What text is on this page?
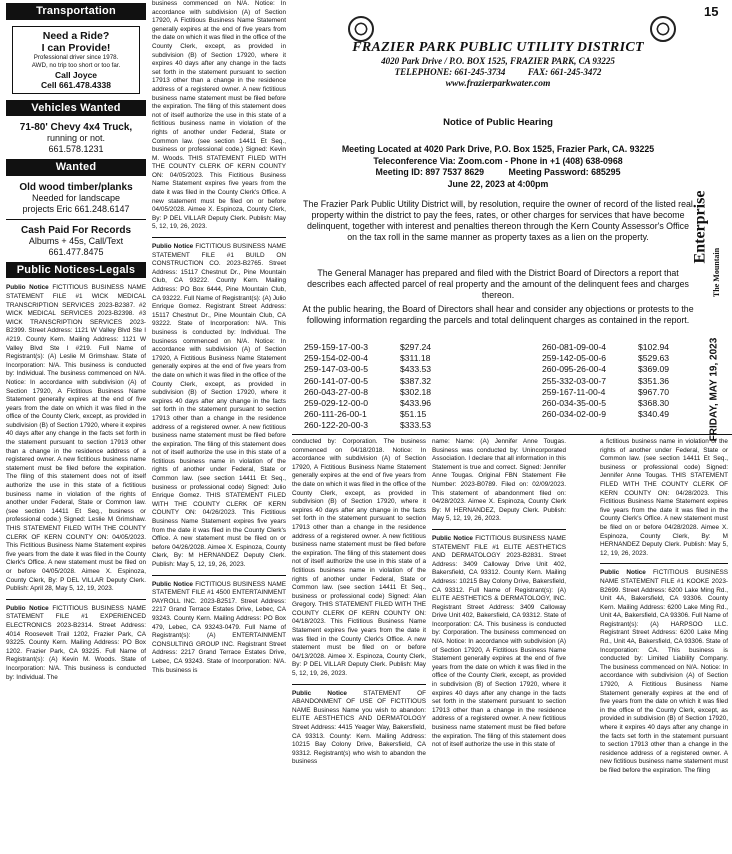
Transportation
Need a Ride?
I can Provide!
Professional driver since 1978.
AWD, no trip too short or too far.
Call Joyce
Cell 661.478.4338
Vehicles Wanted
71-80' Chevy 4x4 Truck,
running or not.
661.578.1231
Wanted
Old wood timber/planks
Needed for landscape
projects Eric 661.248.6147
Cash Paid For Records
Albums + 45s, Call/Text
661.477.8475
Public Notices-Legals
Publio Notice FICTITIOUS BUSINESS NAME STATEMENT FILE #1 WICK MEDICAL TRANSCRIPTION SERVICES 2023-B2387. #2 WICK MEDICAL SERVICES 2023-B2398. #3 WICK TRANSCRIPTION SERVICES 2023-B2399. Street Address: 1121 W Valley Blvd Ste I #219. County Kern. Mailing Address: 1121 W Valley Blvd Ste I #219. Full Name of Registrant(s): (A) Leslie M Grimshaw. State of Incorporation: N/A. This business is conducted by: Individual. The business commenced on N/A. Notice: In accordance with subdivision (A) of Section 17920, A Fictitious Business Name Statement generally expires at the end of five years from the date on which it was filed in the office of the County Clerk, except, as provided in subdivision (B) of Section 17920, where it expires 40 days after any change in the facts set forth in the statement pursuant to section 17913 other than a change in the residence address of a registered owner. A new fictitious business name statement must be filed before the expiration. The filing of this statement does not of itself authorize the use in this state of a fictitious business name in violation of the rights of another under Federal, State or Common law. (see section 14411 Et Seq., business or professional code.) Signed: Leslie M Grimshaw. THIS STATEMENT FILED WITH THE COUNTY CLERK OF KERN COUNTY ON: 04/05/2023. This Fictitious Business Name Statement expires five years from the date it was filed in the County Clerk's Office. A new statement must be filed on or before 04/05/2028. Aimee X. Espinoza, County Clerk, By: P DEL VILLAR Deputy Clerk. Publish: April 28, May 5, 12, 19, 2023.
Publio Notice FICTITIOUS BUSINESS NAME STATEMENT FILE #1 EXPERIENCED ELECTRONICS 2023-B2314. Street Address: 4014 Roosevelt Trail 1202, Frazier Park, CA 93225. County Kern. Mailing Address: PO Box 1202. Frazier Park, CA 93225. Full Name of Registrant(s): (A) Kevin M. Woods. State of Incorporation: N/A. This business is conducted by: Individual. The
business commenced on N/A. Notice: In accordance with subdivision (A) of Section 17920, A Fictitious Business Name Statement generally expires at the end of five years from the date on which it was filed in the office of the County Clerk, except, as provided in subdivision (B) of Section 17920, where it expires 40 days after any change in the facts set forth in the statement pursuant to section 17913 other than a change in the residence address of a registered owner. A new fictitious business name statement must be filed before the expiration. The filing of this statement does not of itself authorize the use in this state of a fictitious business name in violation of the rights of another under Federal, State or Common law. (see section 14411 Et Seq., business or professional code.) Signed: Kevin M. Woods. THIS STATEMENT FILED WITH THE COUNTY CLERK OF KERN COUNTY ON: 04/05/2023. This Fictitious Business Name Statement expires five years from the date it was filed in the County Clerk's Office. A new statement must be filed on or before 04/05/2028. Aimee X. Espinoza, County Clerk, By: P DEL VILLAR Deputy Clerk. Publish: May 5, 12, 19, 26, 2023.
Publio Notice FICTITIOUS BUSINESS NAME STATEMENT FILE #1 BUILD ON CONSTRUCTION CO. 2023-B2765. Street Address: 15117 Chestnut Dr., Pine Mountain Club, CA 93222. County Kern. Mailing Address: PO Box 6444, Pine Mountain Club, CA 93222. Full Name of Registrant(s): (A) Julio Enrique Gomez. Registrant Street Address: 15117 Chestnut Dr., Pine Mountain Club, CA 93222. State of Incorporation: N/A. This business is conducted by: Individual. The business commenced on N/A. Notice: In accordance with subdivision (A) of Section 17920, A Fictitious Business Name Statement generally expires at the end of five years from the date on which it was filed in the office of the County Clerk, except, as provided in subdivision (B) of Section 17920, where it expires 40 days after any change in the facts set forth in the statement pursuant to section 17913 other than a change in the residence address of a registered owner. A new fictitious business name statement must be filed before the expiration. The filing of this statement does not of itself authorize the use in this state of a fictitious business name in violation of the rights of another under Federal, State or Common law. (see section 14411 Et Seq., business or professional code) Signed: Julio Enrique Gomez. THIS STATEMENT FILED WITH THE COUNTY CLERK OF KERN COUNTY ON: 04/26/2023. This Fictitious Business Name Statement expires five years from the date it was filed in the County Clerk's Office. A new statement must be filed on or before 04/26/2028. Aimee X. Espinoza, County Clerk, By: M HERNANDEZ Deputy Clerk. Publish: May 5, 12, 19, 26, 2023.
Public Notice FICTITIOUS BUSINESS NAME STATEMENT FILE #1 4500 ENTERTAINMENT PAYROLL INC. 2023-B2517. Street Address: 2217 Grand Terrace Estates Drive, Lebec, CA 93243. County Kern. Mailing Address: PO Box 479, Lebec, CA 93243-0479. Full Name of Registrant(s): (A) ENTERTAINMENT CONSULTING GROUP INC. Registrant Street Address: 2217 Grand Terrace Estates Drive, Lebec, CA 93243. State of Incorporation: N/A. This business is
FRAZIER PARK PUBLIC UTILITY DISTRICT
4020 Park Drive / P.O. BOX 1525, FRAZIER PARK, CA 93225
TELEPHONE: 661-245-3734          FAX: 661-245-3472
www.frazierparkwater.com
Notice of Public Hearing
Meeting Located at 4020 Park Drive, P.O. Box 1525, Frazier Park, CA. 93225
Teleconference Via: Zoom.com - Phone in +1 (408) 638-0968
Meeting ID: 897 7537 8629          Meeting Password: 685295
June 22, 2023 at 4:00pm
The Frazier Park Public Utility District will, by resolution, require the owner of record of the listed real property within the district to pay the fees, rates, or other charges for services that have become delinquent, together with interest and penalties thereon through the Kern County Assessor's Office on the tax roll in the same manner as property taxes as a lien on the property.
The General Manager has prepared and filed with the District Board of Directors a report that describes each affected parcel of real property and the amount of the delinquent fees and charges thereon.
At the public hearing, the Board of Directors shall hear and consider any objections or protests to the following information regarding the parcels and total delinquent charges as contained in the report.
259-159-17-00-3	$297.24
259-154-02-00-4	$311.18
259-147-03-00-5	$433.53
260-141-07-00-5	$387.32
260-043-27-00-8	$302.18
259-029-12-00-0	$433.96
260-111-26-00-1	$51.15
260-122-20-00-3	$333.53
260-081-09-00-4	$102.94
259-142-05-00-6	$529.63
260-095-26-00-4	$369.09
255-332-03-00-7	$351.36
259-167-11-00-4	$967.70
260-034-35-00-5	$368.30
260-034-02-00-9	$340.49
15
The Mountain
Enterprise
FRIDAY, MAY 19, 2023
conducted by: Corporation. The business commenced on 04/18/2018. Notice: In accordance with subdivision (A) of Section 17920, A Fictitious Business Name Statement generally expires at the end of five years from the date on which it was filed in the office of the County Clerk, except, as provided in subdivision (B) of Section 17920, where it expires 40 days after any change in the facts set forth in the statement pursuant to section 17913 other than a change in the residence address of a registered owner. A new fictitious business name statement must be filed before the expiration. The filing of this statement does not of itself authorize the use in this state of a fictitious business name in violation of the rights of another under Federal, State or Common law. (see section 14411 Et Seq., business or professional code) Signed: Alan Gregory. THIS STATEMENT FILED WITH THE COUNTY CLERK OF KERN COUNTY ON: 04/18/2023. This Fictitious Business Name Statement expires five years from the date it was filed in the County Clerk's Office. A new statement must be filed on or before 04/13/2028. Aimee X. Espinoza, County Clerk, By: P DEL VILLAR Deputy Clerk. Publish: May 5, 12, 19, 26, 2023.
Public Notice STATEMENT OF ABANDONMENT OF USE OF FICTITIOUS NAME Business Name you wish to abandon: ELITE AESTHETICS AND DERMATOLOGY Street Address: 4415 Yeager Way, Bakersfield, CA 93313. County: Kern. Mailing Address: 10215 Bay Colony Drive, Bakersfield, CA 93312. Registrant(s) who wish to abandon the business
name: Name: (A) Jennifer Anne Tougas. Business was conducted by: Unincorporated Association. I declare that all information in this Statement is true and correct. Signed: Jennifer Anne Tougas. Original FBN Statement File Number: 2023-B0789. Filed on: 02/09/2023. This statement of abandonment filed on: 04/28/2023. Aimee X. Espinoza, County Clerk By: M HERNANDEZ, Deputy Clerk. Publish: May 5, 12, 19, 26, 2023.
Public Notice FICTITIOUS BUSINESS NAME STATEMENT FILE #1 ELITE AESTHETICS AND DERMATOLOGY 2023-B2831. Street Address: 3409 Calloway Drive Unit 402, Bakersfield, CA 93312. County Kern. Mailing Address: 10215 Bay Colony Drive, Bakersfield, CA 93312. Full Name of Registrant(s): (A) ELITE AESTHETICS & DERMATOLOGY, INC. Registrant Street Address: 3409 Calloway Drive Unit 402, Bakersfield, CA 93312. State of Incorporation: CA. This business is conducted by: Corporation. The business commenced on N/A. Notice: In accordance with subdivision (A) of Section 17920, A Fictitious Business Name Statement generally expires at the end of five years from the date on which it was filed in the office of the County Clerk, except, as provided in subdivision (B) of Section 17920, where it expires 40 days after any change in the facts set forth in the statement pursuant to section 17913 other than a change in the residence address of a registered owner. A new fictitious business name statement must be filed before the expiration. The filing of this statement does not of itself authorize the use in this state of
a fictitious business name in violation of the rights of another under Federal, State or Common law. (see section 14411 Et Seq., business or professional code) Signed: Jennifer Anne Tougas. THIS STATEMENT FILED WITH THE COUNTY CLERK OF KERN COUNTY ON: 04/28/2023. This Fictitious Business Name Statement expires five years from the date it was filed in the County Clerk's Office. A new statement must be filed on or before 04/28/2028. Aimee X. Espinoza, County Clerk, By: M HERNANDEZ Deputy Clerk. Publish: May 5, 12, 19, 26, 2023.
Public Notice FICTITIOUS BUSINESS NAME STATEMENT FILE #1 KOOKE 2023-B2699. Street Address: 6200 Lake Ming Rd., Unit 4A, Bakersfield, CA 93306. County Kern. Mailing Address: 6200 Lake Ming Rd., Unit 4A, Bakersfield, CA 93306. Full Name of Registrant(s): (A) HARPSOO LLC. Registrant Street Address: 6200 Lake Ming Rd., Unit 4A, Bakersfield, CA 93306. State of Incorporation: CA. This business is conducted by: Limited Liability Company. The business commenced on N/A. Notice: In accordance with subdivision (A) of Section 17920, A Fictitious Business Name Statement generally expires at the end of five years from the date on which it was filed in the office of the County Clerk, except, as provided in subdivision (B) of Section 17920, where it expires 40 days after any change in the facts set forth in the statement pursuant to section 17913 other than a change in the residence address of a registered owner. A new fictitious business name statement must be filed before the expiration. The filing
